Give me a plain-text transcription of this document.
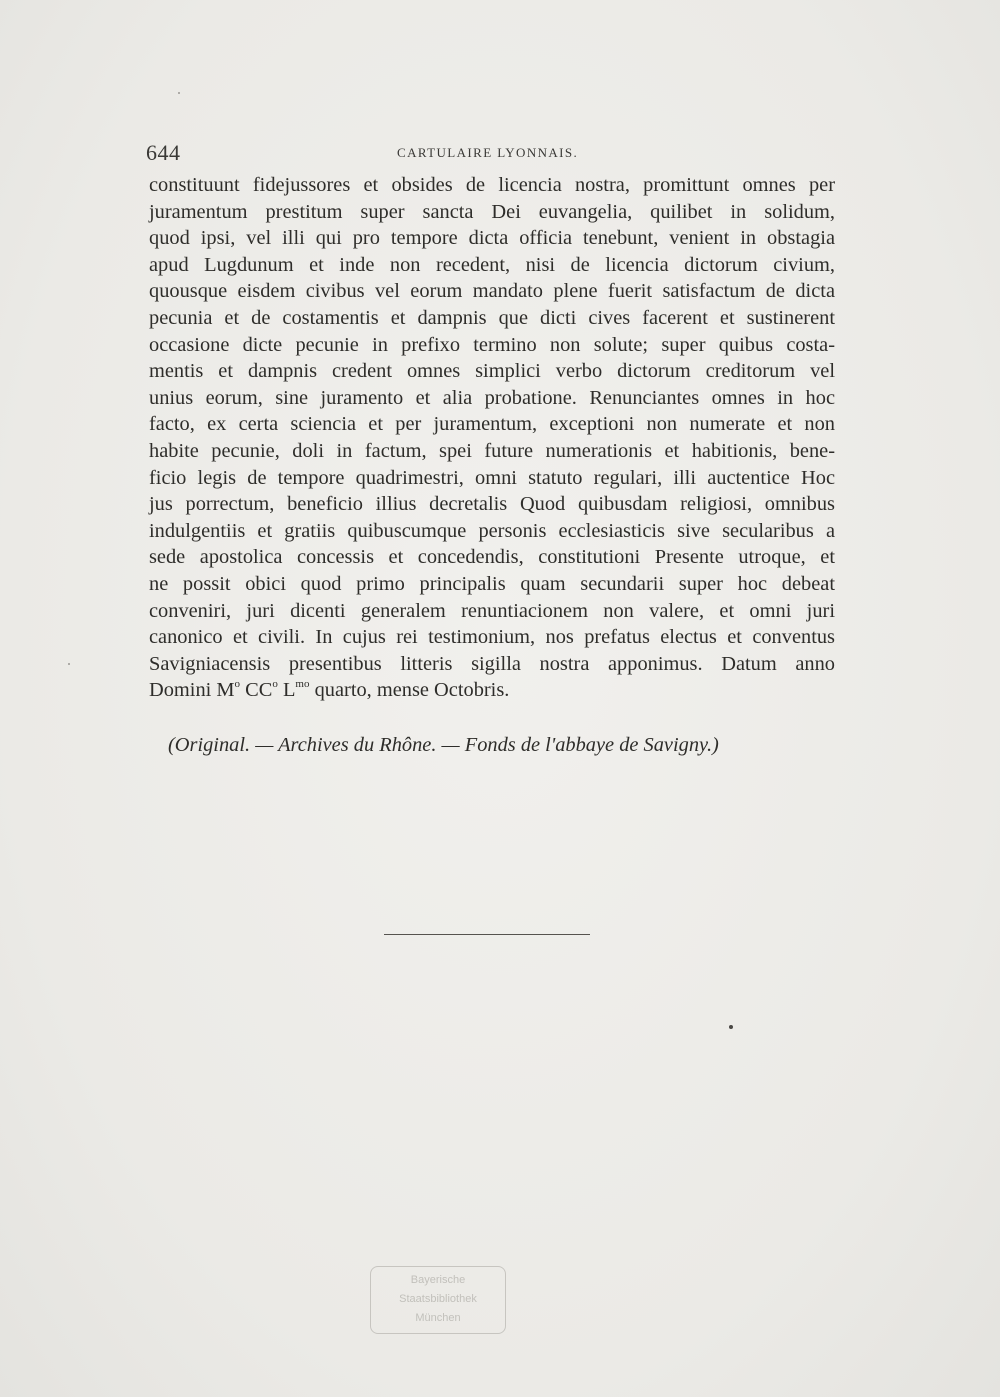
644	CARTULAIRE LYONNAIS.
constituunt fidejussores et obsides de licencia nostra, promittunt omnes per
juramentum prestitum super sancta Dei euvangelia, quilibet in solidum,
quod ipsi, vel illi qui pro tempore dicta officia tenebunt, venient in obstagia
apud Lugdunum et inde non recedent, nisi de licencia dictorum civium,
quousque eisdem civibus vel eorum mandato plene fuerit satisfactum de dicta
pecunia et de costamentis et dampnis que dicti cives facerent et sustinerent
occasione dicte pecunie in prefixo termino non solute; super quibus costa-
mentis et dampnis credent omnes simplici verbo dictorum creditorum vel
unius eorum, sine juramento et alia probatione. Renunciantes omnes in hoc
facto, ex certa sciencia et per juramentum, exceptioni non numerate et non
habite pecunie, doli in factum, spei future numerationis et habitionis, bene-
ficio legis de tempore quadrimestri, omni statuto regulari, illi auctentice Hoc
jus porrectum, beneficio illius decretalis Quod quibusdam religiosi, omnibus
indulgentiis et gratiis quibuscumque personis ecclesiasticis sive secularibus a
sede apostolica concessis et concedendis, constitutioni Presente utroque, et
ne possit obici quod primo principalis quam secundarii super hoc debeat
conveniri, juri dicenti generalem renuntiacionem non valere, et omni juri
canonico et civili. In cujus rei testimonium, nos prefatus electus et conventus
Savigniacensis presentibus litteris sigilla nostra apponimus. Datum anno
Domini $M^o$ $CC^o$ $L^{mo}$ quarto, mense Octobris.
(Original. — Archives du Rhône. — Fonds de l'abbaye de Savigny.)
Bayerische
Staatsbibliothek
München
